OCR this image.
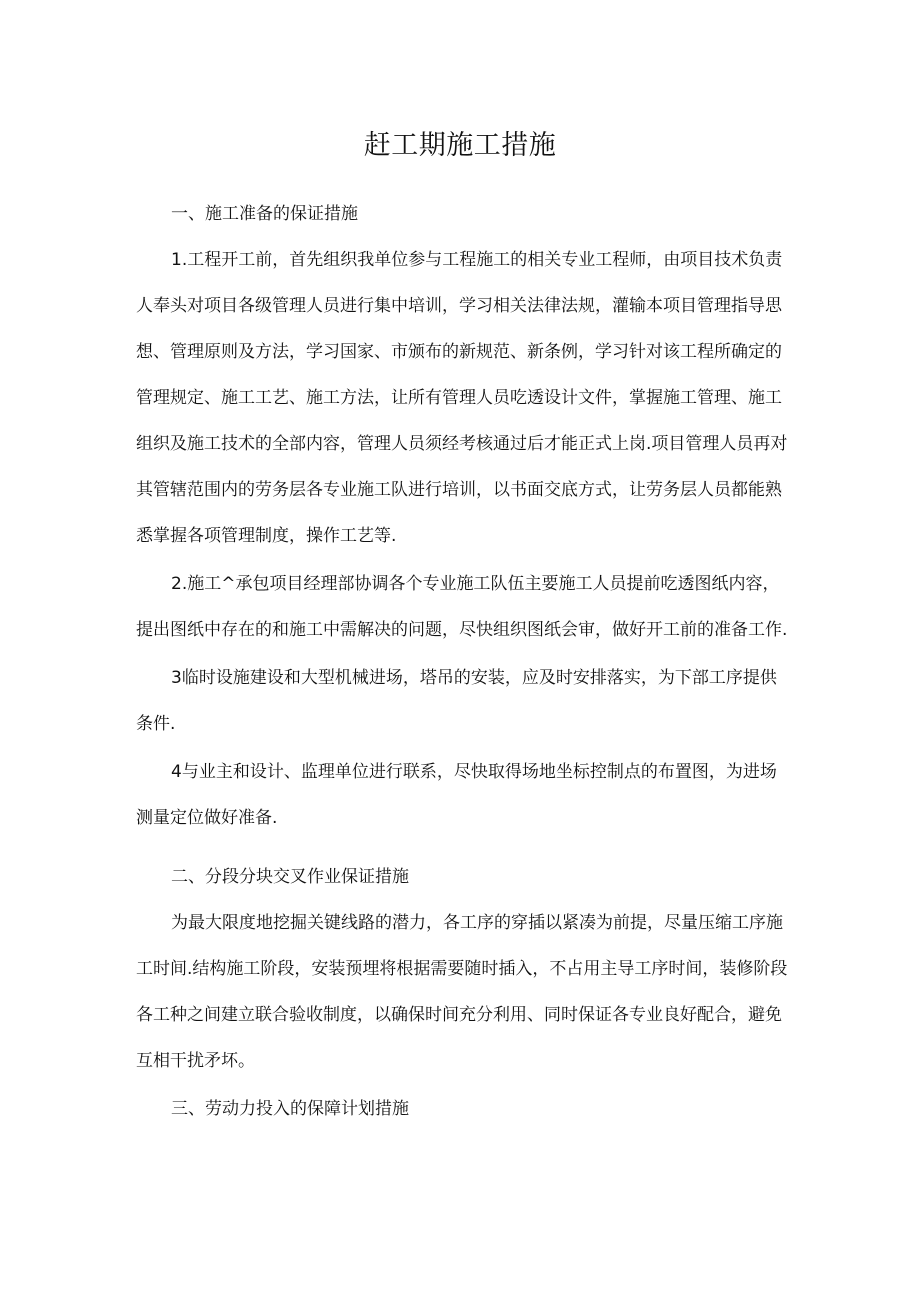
赶工期施工措施

一、施工准备的保证措施

1.工程开工前，首先组织我单位参与工程施工的相关专业工程师，由项目技术负责

人奉头对项目各级管理人员进行集中培训，学习相关法律法规，灌输本项目管理指导思

想、管理原则及方法，学习国家、市颁布的新规范、新条例，学习针对该工程所确定的

管理规定、施工工艺、施工方法，让所有管理人员吃透设计文件，掌握施工管理、施工

组织及施工技术的全部内容，管理人员须经考核通过后才能正式上岗.项目管理人员再对

其管辖范围内的劳务层各专业施工队进行培训，以书面交底方式，让劳务层人员都能熟

悉掌握各项管理制度，操作工艺等.

2.施工^承包项目经理部协调各个专业施工队伍主要施工人员提前吃透图纸内容，

提出图纸中存在的和施工中需解决的问题，尽快组织图纸会审，做好开工前的准备工作.

3临时设施建设和大型机械进场，塔吊的安装，应及时安排落实，为下部工序提供

条件.

4与业主和设计、监理单位进行联系，尽快取得场地坐标控制点的布置图，为进场

测量定位做好准备.

二、分段分块交叉作业保证措施

为最大限度地挖掘关键线路的潜力，各工序的穿插以紧凑为前提，尽量压缩工序施

工时间.结构施工阶段，安装预埋将根据需要随时插入，不占用主导工序时间，装修阶段

各工种之间建立联合验收制度，以确保时间充分利用、同时保证各专业良好配合，避免

互相干扰矛坏。

三、劳动力投入的保障计划措施
